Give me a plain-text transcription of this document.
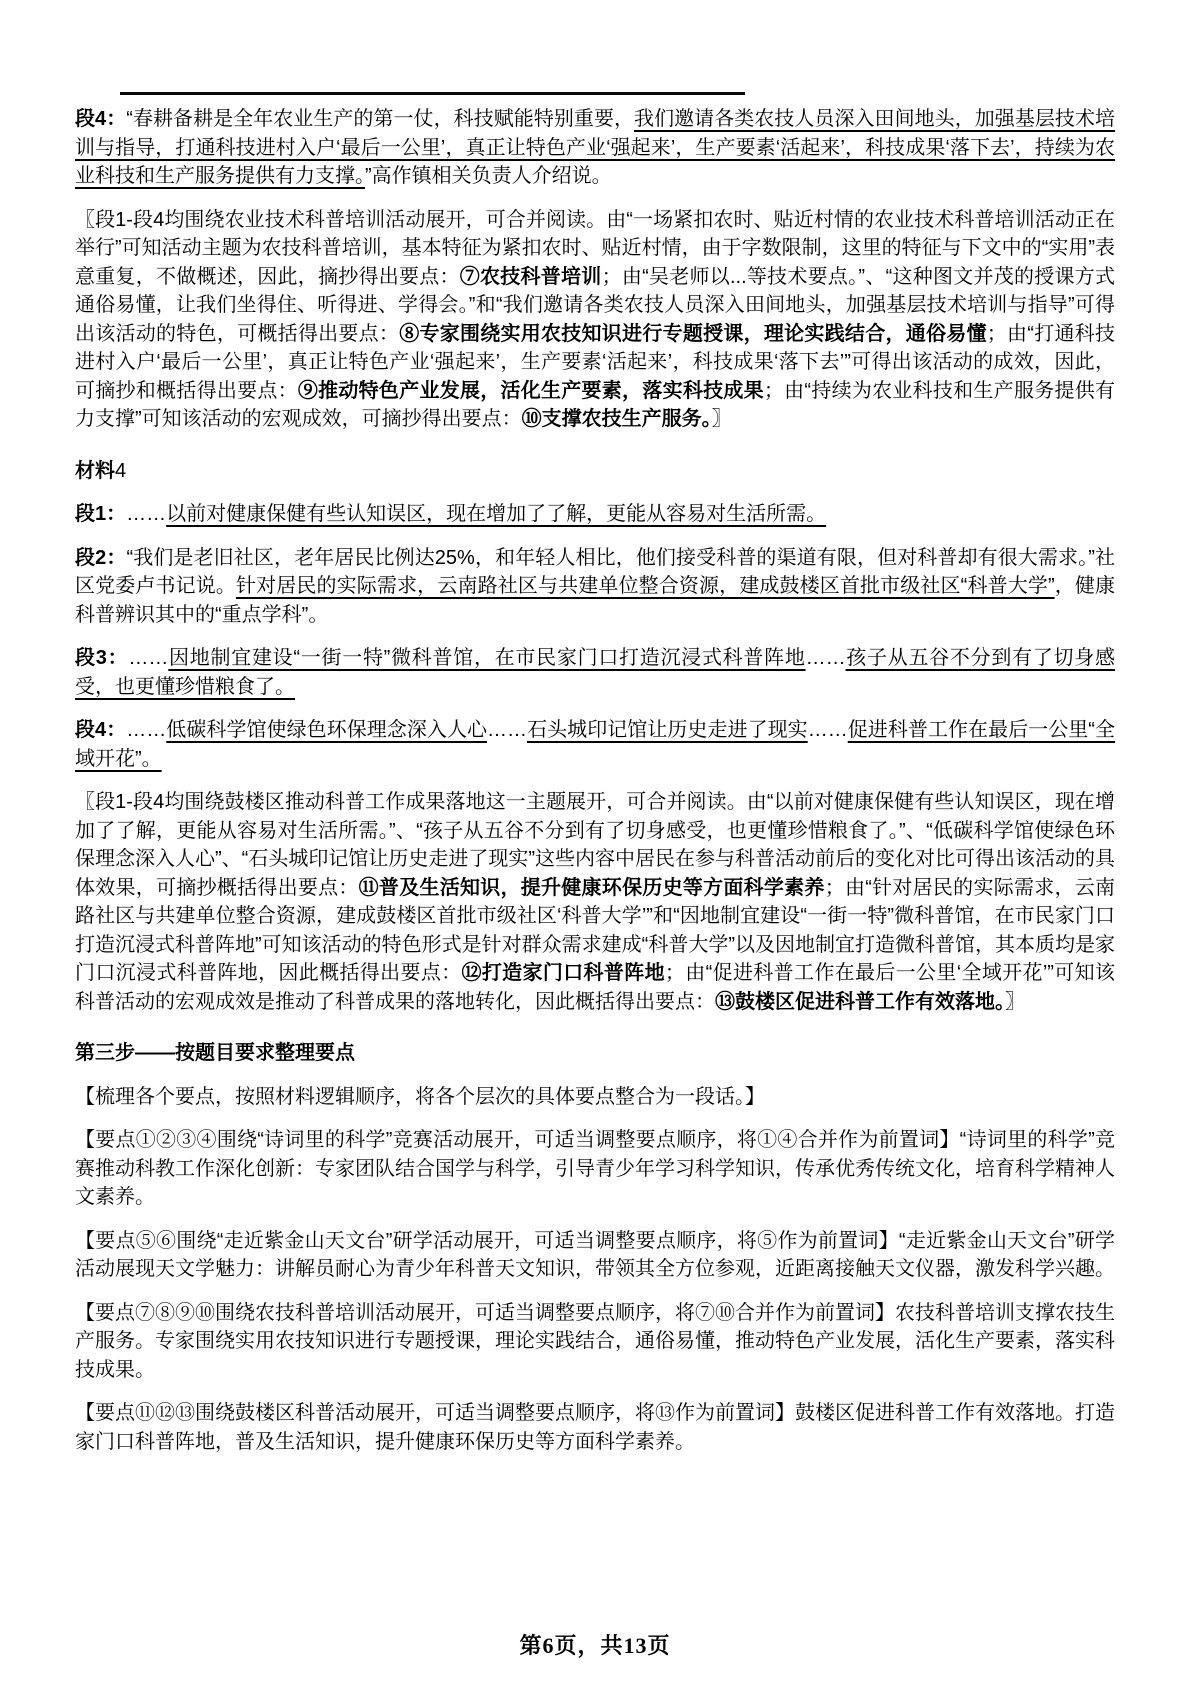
段4：“春耕备耕是全年农业生产的第一仗，科技赋能特别重要，我们邀请各类农技人员深入田间地头，加强基层技术培训与指导，打通科技进村入户‘最后一公里’，真正让特色产业‘强起来’，生产要素‘活起来’，科技成果‘落下去’，持续为农业科技和生产服务提供有力支撑。”高作镇相关负责人介绍说。

〖段1-段4均围绕农业技术科普培训活动展开，可合并阅读。由“一场紧扣农时、贴近村情的农业技术科普培训活动正在举行”可知活动主题为农技科普培训，基本特征为紧扣农时、贴近村情，由于字数限制，这里的特征与下文中的“实用”表意重复，不做概述，因此，摘抄得出要点：⑦农技科普培训；由“吴老师以...等技术要点。”、“这种图文并茂的授课方式通俗易懂，让我们坐得住、听得进、学得会。”和“我们邀请各类农技人员深入田间地头，加强基层技术培训与指导”可得出该活动的特色，可概括得出要点：⑧专家围绕实用农技知识进行专题授课，理论实践结合，通俗易懂；由“打通科技进村入户‘最后一公里’，真正让特色产业‘强起来’，生产要素‘活起来’，科技成果‘落下去’”可得出该活动的成效，因此，可摘抄和概括得出要点：⑨推动特色产业发展，活化生产要素，落实科技成果；由“持续为农业科技和生产服务提供有力支撑”可知该活动的宏观成效，可摘抄得出要点：⑩支撑农技生产服务。〗

材料4

段1：……以前对健康保健有些认知误区，现在增加了了解，更能从容易对生活所需。

段2：“我们是老旧社区，老年居民比例达25%，和年轻人相比，他们接受科普的渠道有限，但对科普却有很大需求。”社区党委卢书记说。针对居民的实际需求，云南路社区与共建单位整合资源，建成鼓楼区首批市级社区“科普大学”，健康科普辨识其中的“重点学科”。

段3：……因地制宜建设“一街一特”微科普馆，在市民家门口打造沉浸式科普阵地……孩子从五谷不分到有了切身感受，也更懂珍惜粮食了。

段4：……低碳科学馆使绿色环保理念深入人心……石头城印记馆让历史走进了现实……促进科普工作在最后一公里“全域开花”。

〖段1-段4均围绕鼓楼区推动科普工作成果落地这一主题展开，可合并阅读。由“以前对健康保健有些认知误区，现在增加了了解，更能从容易对生活所需。”、“孩子从五谷不分到有了切身感受，也更懂珍惜粮食了。”、“低碳科学馆使绿色环保理念深入人心”、“石头城印记馆让历史走进了现实”这些内容中居民在参与科普活动前后的变化对比可得出该活动的具体效果，可摘抄概括得出要点：⑪普及生活知识，提升健康环保历史等方面科学素养；由“针对居民的实际需求，云南路社区与共建单位整合资源，建成鼓楼区首批市级社区‘科普大学’”和“因地制宜建设“一街一特”微科普馆，在市民家门口打造沉浸式科普阵地”可知该活动的特色形式是针对群众需求建成“科普大学”以及因地制宜打造微科普馆，其本质均是家门口沉浸式科普阵地，因此概括得出要点：⑫打造家门口科普阵地；由“促进科普工作在最后一公里‘全域开花’”可知该科普活动的宏观成效是推动了科普成果的落地转化，因此概括得出要点：⑬鼓楼区促进科普工作有效落地。〗

第三步——按题目要求整理要点

【梳理各个要点，按照材料逻辑顺序，将各个层次的具体要点整合为一段话。】

【要点①②③④围绕“诗词里的科学”竞赛活动展开，可适当调整要点顺序，将①④合并作为前置词】“诗词里的科学”竞赛推动科教工作深化创新：专家团队结合国学与科学，引导青少年学习科学知识，传承优秀传统文化，培育科学精神人文素养。

【要点⑤⑥围绕“走近紫金山天文台”研学活动展开，可适当调整要点顺序，将⑤作为前置词】“走近紫金山天文台”研学活动展现天文学魅力：讲解员耐心为青少年科普天文知识，带领其全方位参观，近距离接触天文仪器，激发科学兴趣。

【要点⑦⑧⑨⑩围绕农技科普培训活动展开，可适当调整要点顺序，将⑦⑩合并作为前置词】农技科普培训支撑农技生产服务。专家围绕实用农技知识进行专题授课，理论实践结合，通俗易懂，推动特色产业发展，活化生产要素，落实科技成果。

【要点⑪⑫⑬围绕鼓楼区科普活动展开，可适当调整要点顺序，将⑬作为前置词】鼓楼区促进科普工作有效落地。打造家门口科普阵地，普及生活知识，提升健康环保历史等方面科学素养。

第6页，共13页
